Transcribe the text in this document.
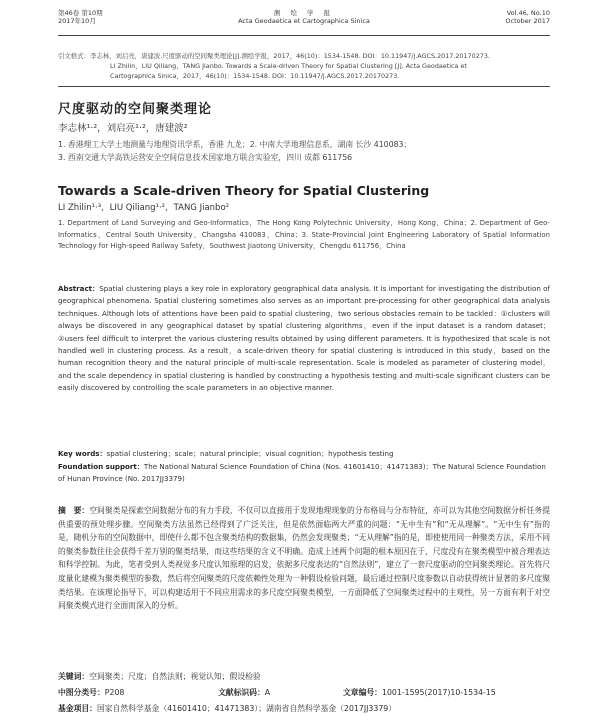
第46卷 第10期
2017年10月
测 绘 学 报
Acta Geodaetica et Cartographica Sinica
Vol.46, No.10
October 2017
引文格式：李志林，刘启亮，唐建波.尺度驱动的空间聚类理论[J].测绘学报，2017，46(10)：1534-1548. DOI：10.11947/j.AGCS.2017.20170273.
LI Zhilin，LIU Qiliang，TANG Jianbo. Towards a Scale-driven Theory for Spatial Clustering [J]. Acta Geodaetica et
Cartographica Sinica，2017，46(10)：1534-1548. DOI：10.11947/j.AGCS.2017.20170273.
尺度驱动的空间聚类理论
李志林¹·²，刘启亮¹·²，唐建波²
1. 香港理工大学土地测量与地理资讯学系，香港 九龙；2. 中南大学地理信息系，湖南 长沙 410083；
3. 西南交通大学高铁运营安全空间信息技术国家地方联合实验室，四川 成都 611756
Towards a Scale-driven Theory for Spatial Clustering
LI Zhilin¹·³，LIU Qiliang¹·²，TANG Jianbo²
1. Department of Land Surveying and Geo-Informatics，The Hong Kong Polytechnic University，Hong Kong，China；2. Department of Geo-Informatics，Central South University，Changsha 410083，China；3. State-Provincial Joint Engineering Laboratory of Spatial Information Technology for High-speed Railway Safety，Southwest Jiaotong University，Chengdu 611756，China
Abstract：Spatial clustering plays a key role in exploratory geographical data analysis. It is important for investigating the distribution of geographical phenomena. Spatial clustering sometimes also serves as an important pre-processing for other geographical data analysis techniques. Although lots of attentions have been paid to spatial clustering，two serious obstacles remain to be tackled：①clusters will always be discovered in any geographical dataset by spatial clustering algorithms，even if the input dataset is a random dataset；②users feel difficult to interpret the various clustering results obtained by using different parameters. It is hypothesized that scale is not handled well in clustering process. As a result，a scale-driven theory for spatial clustering is introduced in this study，based on the human recognition theory and the natural principle of multi-scale representation. Scale is modeled as parameter of clustering model，and the scale dependency in spatial clustering is handled by constructing a hypothesis testing and multi-scale significant clusters can be easily discovered by controlling the scale parameters in an objective manner.
Key words：spatial clustering；scale；natural principle；visual cognition；hypothesis testing
Foundation support：The National Natural Science Foundation of China (Nos. 41601410；41471383)；The Natural Science Foundation of Hunan Province (No. 2017JJ3379)
摘　要：空间聚类是探索空间数据分布的有力手段，不仅可以直接用于发现地理现象的分布格局与分布特征，亦可以为其他空间数据分析任务提供重要的预处理步骤。空间聚类方法虽然已经得到了广泛关注，但是依然面临两大严重的问题：“无中生有”和“无从理解”。“无中生有”指的是，随机分布的空间数据中，即使什么都不包含聚类结构的数据集，仍然会发现聚类；“无从理解”指的是，即使使用同一种聚类方法，采用不同的聚类参数往往会获得千差万别的聚类结果，而这些结果的含义不明确。造成上述两个问题的根本原因在于，尺度没有在聚类模型中被合理表达和科学控制。为此，笔者受到人类视觉多尺度认知原理的启发，依据多尺度表达的“自然法则”，建立了一套尺度驱动的空间聚类理论。首先将尺度量化建模为聚类模型的参数，然后将空间聚类的尺度依赖性处理为一种假设检验问题，最后通过控制尺度参数以自动获得统计显著的多尺度聚类结果。在该理论指导下，可以构建适用于不同应用需求的多尺度空间聚类模型，一方面降低了空间聚类过程中的主观性，另一方面有利于对空间聚类模式进行全面而深入的分析。
关键词：空间聚类；尺度；自然法则；视觉认知；假设检验
中图分类号：P208	文献标识码：A	文章编号：1001-1595(2017)10-1534-15
基金项目：国家自然科学基金（41601410；41471383）；湖南省自然科学基金（2017JJ3379）
